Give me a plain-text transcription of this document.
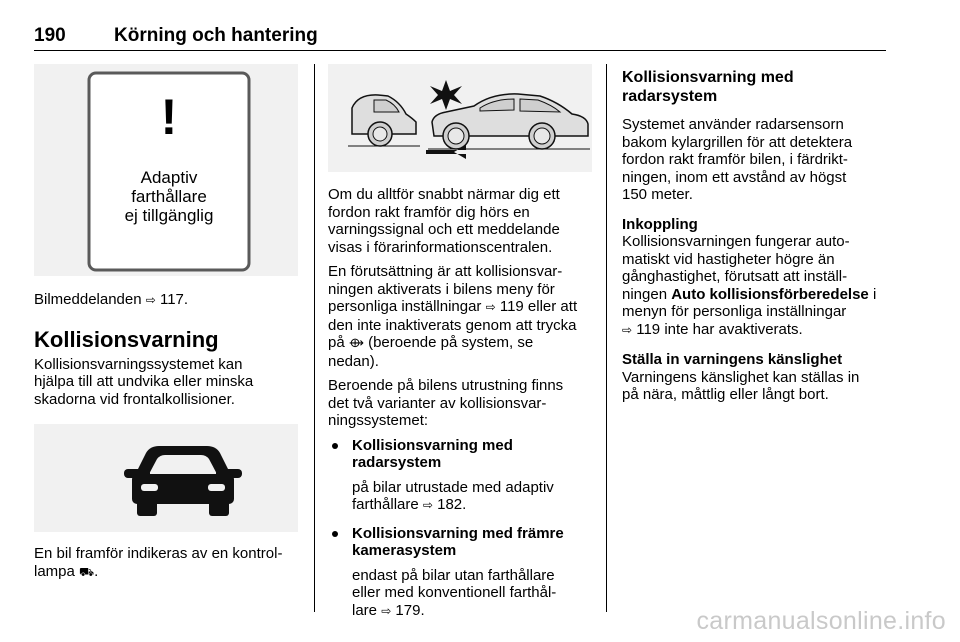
190	Körning och hantering
!
Adaptiv
farthållare
ej tillgänglig

Bilmeddelanden ⇨ 117.

Kollisionsvarning
Kollisionsvarningssystemet kan
hjälpa till att undvika eller minska
skadorna vid frontalkollisioner.
En bil framför indikeras av en kontrol-
lampa ⛟.

Om du alltför snabbt närmar dig ett
fordon rakt framför dig hörs en
varningssignal och ett meddelande
visas i förarinformationscentralen.

En förutsättning är att kollisionsvar-
ningen aktiverats i bilens meny för
personliga inställningar ⇨ 119 eller att
den inte inaktiverats genom att trycka
på ⟴ (beroende på system, se
nedan).

Beroende på bilens utrustning finns
det två varianter av kollisionsvar-
ningssystemet:

Kollisionsvarning med
radarsystem
på bilar utrustade med adaptiv
farthållare ⇨ 182.
Kollisionsvarning med främre
kamerasystem
endast på bilar utan farthållare
eller med konventionell farthål-
lare ⇨ 179.
Kollisionsvarning med
radarsystem

Systemet använder radarsensorn
bakom kylargrillen för att detektera
fordon rakt framför bilen, i färdrikt-
ningen, inom ett avstånd av högst
150 meter.

Inkoppling

Kollisionsvarningen fungerar auto-
matiskt vid hastigheter högre än
gånghastighet, förutsatt att inställ-
ningen Auto kollisionsförberedelse i
menyn för personliga inställningar
⇨ 119 inte har avaktiverats.

Ställa in varningens känslighet

Varningens känslighet kan ställas in
på nära, måttlig eller långt bort.

carmanualsonline.info
